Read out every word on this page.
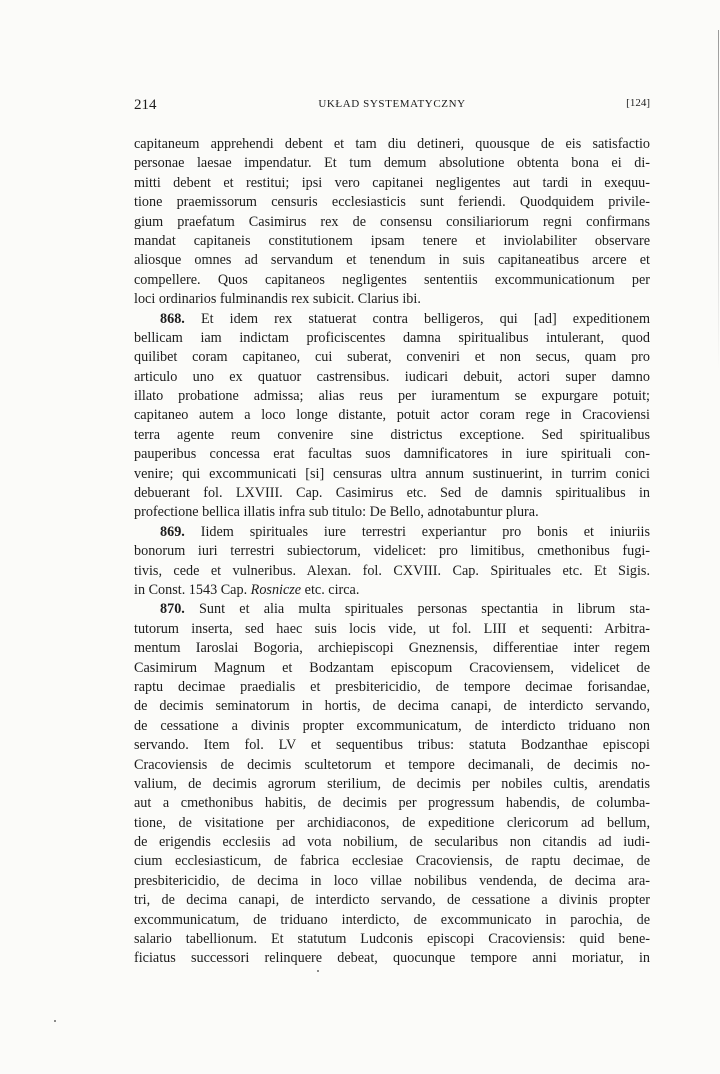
214	UKŁAD SYSTEMATYCZNY	[124]
capitaneum apprehendi debent et tam diu detineri, quousque de eis satisfactio
personae laesae impendatur. Et tum demum absolutione obtenta bona ei di-
mitti debent et restitui; ipsi vero capitanei negligentes aut tardi in exequu-
tione praemissorum censuris ecclesiasticis sunt feriendi. Quodquidem privile-
gium praefatum Casimirus rex de consensu consiliariorum regni confirmans
mandat capitaneis constitutionem ipsam tenere et inviolabiliter observare
aliosque omnes ad servandum et tenendum in suis capitaneatibus arcere et
compellere. Quos capitaneos negligentes sententiis excommunicationum per
loci ordinarios fulminandis rex subicit. Clarius ibi.
868. Et idem rex statuerat contra belligeros, qui [ad] expeditionem
bellicam iam indictam proficiscentes damna spiritualibus intulerant, quod
quilibet coram capitaneo, cui suberat, conveniri et non secus, quam pro
articulo uno ex quatuor castrensibus. iudicari debuit, actori super damno
illato probatione admissa; alias reus per iuramentum se expurgare potuit;
capitaneo autem a loco longe distante, potuit actor coram rege in Cracoviensi
terra agente reum convenire sine districtus exceptione. Sed spiritualibus
pauperibus concessa erat facultas suos damnificatores in iure spirituali con-
venire; qui excommunicati [si] censuras ultra annum sustinuerint, in turrim conici
debuerant fol. LXVIII. Cap. Casimirus etc. Sed de damnis spiritualibus in
profectione bellica illatis infra sub titulo: De Bello, adnotabuntur plura.
869. Iidem spirituales iure terrestri experiantur pro bonis et iniuriis
bonorum iuri terrestri subiectorum, videlicet: pro limitibus, cmethonibus fugi-
tivis, cede et vulneribus. Alexan. fol. CXVIII. Cap. Spirituales etc. Et Sigis.
in Const. 1543 Cap. Rosnicze etc. circa.
870. Sunt et alia multa spirituales personas spectantia in librum sta-
tutorum inserta, sed haec suis locis vide, ut fol. LIII et sequenti: Arbitra-
mentum Iaroslai Bogoria, archiepiscopi Gneznensis, differentiae inter regem
Casimirum Magnum et Bodzantam episcopum Cracoviensem, videlicet de
raptu decimae praedialis et presbitericidio, de tempore decimae forisandae,
de decimis seminatorum in hortis, de decima canapi, de interdicto servando,
de cessatione a divinis propter excommunicatum, de interdicto triduano non
servando. Item fol. LV et sequentibus tribus: statuta Bodzanthae episcopi
Cracoviensis de decimis scultetorum et tempore decimanali, de decimis no-
valium, de decimis agrorum sterilium, de decimis per nobiles cultis, arendatis
aut a cmethonibus habitis, de decimis per progressum habendis, de columba-
tione, de visitatione per archidiaconos, de expeditione clericorum ad bellum,
de erigendis ecclesiis ad vota nobilium, de secularibus non citandis ad iudi-
cium ecclesiasticum, de fabrica ecclesiae Cracoviensis, de raptu decimae, de
presbitericidio, de decima in loco villae nobilibus vendenda, de decima ara-
tri, de decima canapi, de interdicto servando, de cessatione a divinis propter
excommunicatum, de triduano interdicto, de excommunicato in parochia, de
salario tabellionum. Et statutum Ludconis episcopi Cracoviensis: quid bene-
ficiatus successori relinquere debeat, quocunque tempore anni moriatur, in
